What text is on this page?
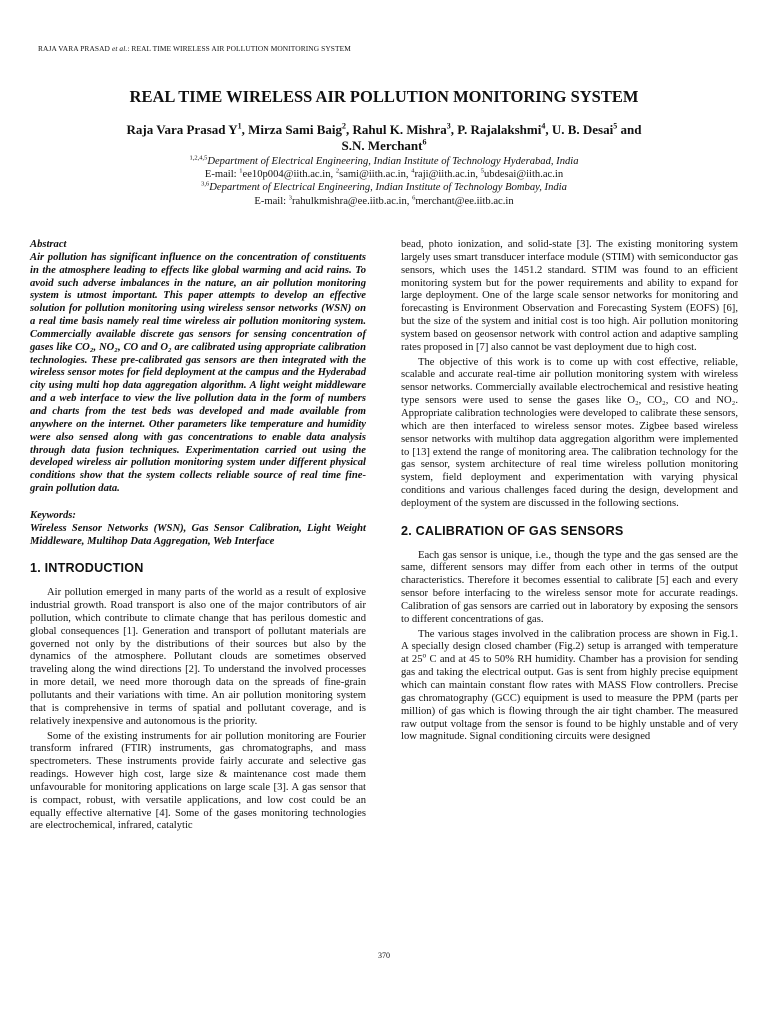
RAJA VARA PRASAD et al.: REAL TIME WIRELESS AIR POLLUTION MONITORING SYSTEM
REAL TIME WIRELESS AIR POLLUTION MONITORING SYSTEM
Raja Vara Prasad $Y^1$, Mirza Sami Baig$^2$, Rahul K. Mishra$^3$, P. Rajalakshmi$^4$, U. B. Desai$^5$ and
S.N. Merchant$^6$
$^{1,2,4,5}$Department of Electrical Engineering, Indian Institute of Technology Hyderabad, India
E-mail: $^1$ee10p004@iith.ac.in, $^2$sami@iith.ac.in, $^4$raji@iith.ac.in, $^5$ubdesai@iith.ac.in
$^{3,6}$Department of Electrical Engineering, Indian Institute of Technology Bombay, India
E-mail: $^3$rahulkmishra@ee.iitb.ac.in, $^6$merchant@ee.iitb.ac.in

Abstract

Air pollution has significant influence on the concentration of constituents in the atmosphere leading to effects like global warming and acid rains. To avoid such adverse imbalances in the nature, an air pollution monitoring system is utmost important. This paper attempts to develop an effective solution for pollution monitoring using wireless sensor networks (WSN) on a real time basis namely real time wireless air pollution monitoring system. Commercially available discrete gas sensors for sensing concentration of gases like CO₂, NO₂, CO and O₂ are calibrated using appropriate calibration technologies. These pre-calibrated gas sensors are then integrated with the wireless sensor motes for field deployment at the campus and the Hyderabad city using multi hop data aggregation algorithm. A light weight middleware and a web interface to view the live pollution data in the form of numbers and charts from the test beds was developed and made available from anywhere on the internet. Other parameters like temperature and humidity were also sensed along with gas concentrations to enable data analysis through data fusion techniques. Experimentation carried out using the developed wireless air pollution monitoring system under different physical conditions show that the system collects reliable source of real time fine-grain pollution data.

Keywords:

Wireless Sensor Networks (WSN), Gas Sensor Calibration, Light Weight Middleware, Multihop Data Aggregation, Web Interface

1. INTRODUCTION

Air pollution emerged in many parts of the world as a result of explosive industrial growth. Road transport is also one of the major contributors of air pollution, which contribute to climate change that has perilous domestic and global consequences [1]. Generation and transport of pollutant materials are governed not only by the distributions of their sources but also by the dynamics of the atmosphere. Pollutant clouds are sometimes observed traveling along the wind directions [2]. To understand the involved processes in more detail, we need more thorough data on the spreads of fine-grain pollutants and their variations with time. An air pollution monitoring system that is comprehensive in terms of spatial and pollutant coverage, and is relatively inexpensive and autonomous is the priority.

Some of the existing instruments for air pollution monitoring are Fourier transform infrared (FTIR) instruments, gas chromatographs, and mass spectrometers. These instruments provide fairly accurate and selective gas readings. However high cost, large size & maintenance cost made them unfavourable for monitoring applications on large scale [3]. A gas sensor that is compact, robust, with versatile applications, and low cost could be an equally effective alternative [4]. Some of the gases monitoring technologies are electrochemical, infrared, catalytic

bead, photo ionization, and solid-state [3]. The existing monitoring system largely uses smart transducer interface module (STIM) with semiconductor gas sensors, which uses the 1451.2 standard. STIM was found to an efficient monitoring system but for the power requirements and ability to expand for large deployment. One of the large scale sensor networks for monitoring and forecasting is Environment Observation and Forecasting System (EOFS) [6], but the size of the system and initial cost is too high. Air pollution monitoring system based on geosensor network with control action and adaptive sampling rates proposed in [7] also cannot be vast deployment due to high cost.

The objective of this work is to come up with cost effective, reliable, scalable and accurate real-time air pollution monitoring system with wireless sensor networks. Commercially available electrochemical and resistive heating type sensors were used to sense the gases like O₂, CO₂, CO and NO₂. Appropriate calibration technologies were developed to calibrate these sensors, which are then interfaced to wireless sensor motes. Zigbee based wireless sensor networks with multihop data aggregation algorithm were implemented to [13] extend the range of monitoring area. The calibration technology for the gas sensor, system architecture of real time wireless pollution monitoring system, field deployment and experimentation with varying physical conditions and various challenges faced during the design, development and deployment of the system are discussed in the following sections.

2. CALIBRATION OF GAS SENSORS

Each gas sensor is unique, i.e., though the type and the gas sensed are the same, different sensors may differ from each other in terms of the output characteristics. Therefore it becomes essential to calibrate [5] each and every sensor before interfacing to the wireless sensor mote for accurate readings. Calibration of gas sensors are carried out in laboratory by exposing the sensors to different concentrations of gas.

The various stages involved in the calibration process are shown in Fig.1. A specially design closed chamber (Fig.2) setup is arranged with temperature at 25$^o$ C and at 45 to 50% RH humidity. Chamber has a provision for sending gas and taking the electrical output. Gas is sent from highly precise equipment which can maintain constant flow rates with MASS Flow controllers. Precise gas chromatography (GCC) equipment is used to measure the PPM (parts per million) of gas which is flowing through the air tight chamber. The measured raw output voltage from the sensor is found to be highly unstable and of very low magnitude. Signal conditioning circuits were designed

370
